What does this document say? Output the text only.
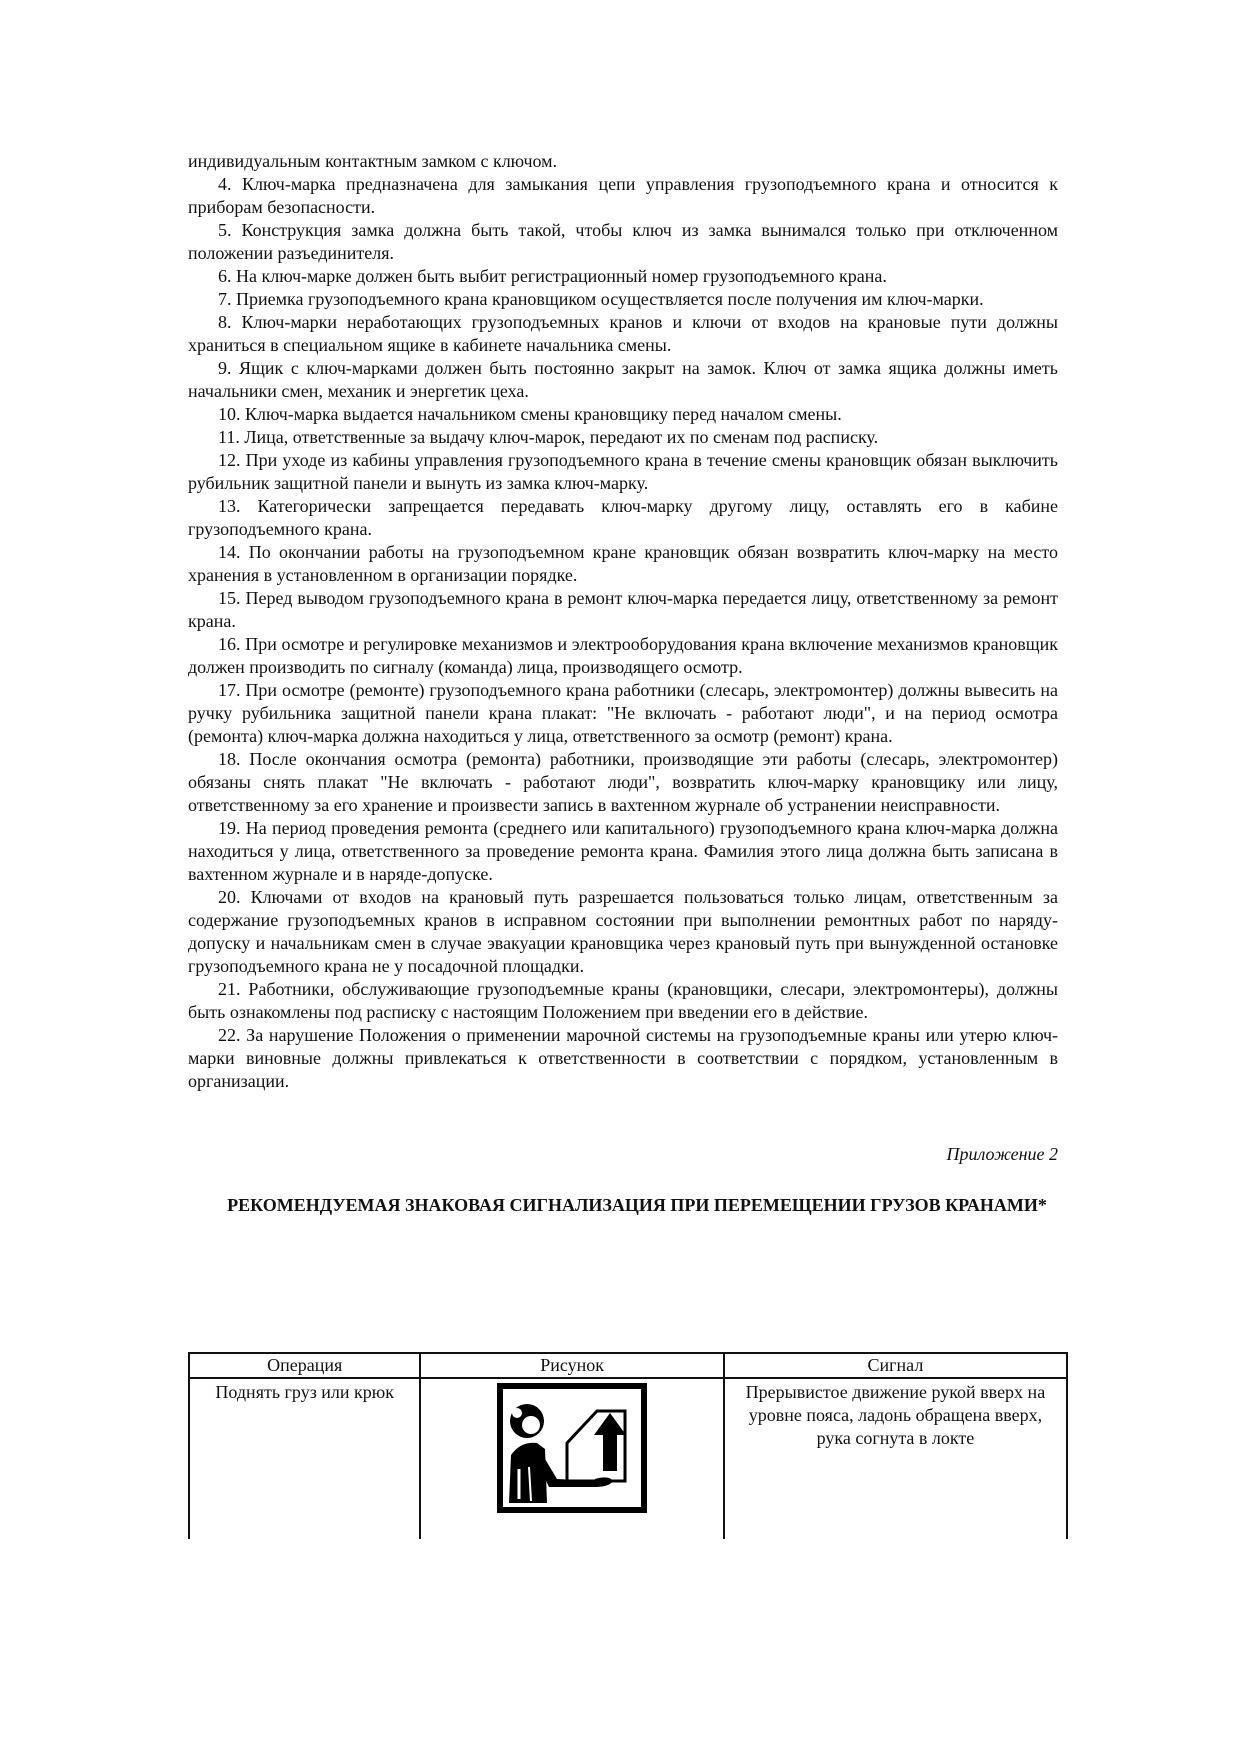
индивидуальным контактным замком с ключом.

4. Ключ-марка предназначена для замыкания цепи управления грузоподъемного крана и относится к приборам безопасности.

5. Конструкция замка должна быть такой, чтобы ключ из замка вынимался только при отключенном положении разъединителя.

6. На ключ-марке должен быть выбит регистрационный номер грузоподъемного крана.

7. Приемка грузоподъемного крана крановщиком осуществляется после получения им ключ-марки.

8. Ключ-марки неработающих грузоподъемных кранов и ключи от входов на крановые пути должны храниться в специальном ящике в кабинете начальника смены.

9. Ящик с ключ-марками должен быть постоянно закрыт на замок. Ключ от замка ящика должны иметь начальники смен, механик и энергетик цеха.

10. Ключ-марка выдается начальником смены крановщику перед началом смены.

11. Лица, ответственные за выдачу ключ-марок, передают их по сменам под расписку.

12. При уходе из кабины управления грузоподъемного крана в течение смены крановщик обязан выключить рубильник защитной панели и вынуть из замка ключ-марку.

13. Категорически запрещается передавать ключ-марку другому лицу, оставлять его в кабине грузоподъемного крана.

14. По окончании работы на грузоподъемном кране крановщик обязан возвратить ключ-марку на место хранения в установленном в организации порядке.

15. Перед выводом грузоподъемного крана в ремонт ключ-марка передается лицу, ответственному за ремонт крана.

16. При осмотре и регулировке механизмов и электрооборудования крана включение механизмов крановщик должен производить по сигналу (команда) лица, производящего осмотр.

17. При осмотре (ремонте) грузоподъемного крана работники (слесарь, электромонтер) должны вывесить на ручку рубильника защитной панели крана плакат: "Не включать - работают люди", и на период осмотра (ремонта) ключ-марка должна находиться у лица, ответственного за осмотр (ремонт) крана.

18. После окончания осмотра (ремонта) работники, производящие эти работы (слесарь, электромонтер) обязаны снять плакат "Не включать - работают люди", возвратить ключ-марку крановщику или лицу, ответственному за его хранение и произвести запись в вахтенном журнале об устранении неисправности.

19. На период проведения ремонта (среднего или капитального) грузоподъемного крана ключ-марка должна находиться у лица, ответственного за проведение ремонта крана. Фамилия этого лица должна быть записана в вахтенном журнале и в наряде-допуске.

20. Ключами от входов на крановый путь разрешается пользоваться только лицам, ответственным за содержание грузоподъемных кранов в исправном состоянии при выполнении ремонтных работ по наряду-допуску и начальникам смен в случае эвакуации крановщика через крановый путь при вынужденной остановке грузоподъемного крана не у посадочной площадки.

21. Работники, обслуживающие грузоподъемные краны (крановщики, слесари, электромонтеры), должны быть ознакомлены под расписку с настоящим Положением при введении его в действие.

22. За нарушение Положения о применении марочной системы на грузоподъемные краны или утерю ключ-марки виновные должны привлекаться к ответственности в соответствии с порядком, установленным в организации.

Приложение 2
РЕКОМЕНДУЕМАЯ ЗНАКОВАЯ СИГНАЛИЗАЦИЯ ПРИ ПЕРЕМЕЩЕНИИ ГРУЗОВ КРАНАМИ*
Операция	Рисунок	Сигнал
Поднять груз или крюк		Прерывистое движение рукой вверх на уровне пояса, ладонь обращена вверх, рука согнута в локте
